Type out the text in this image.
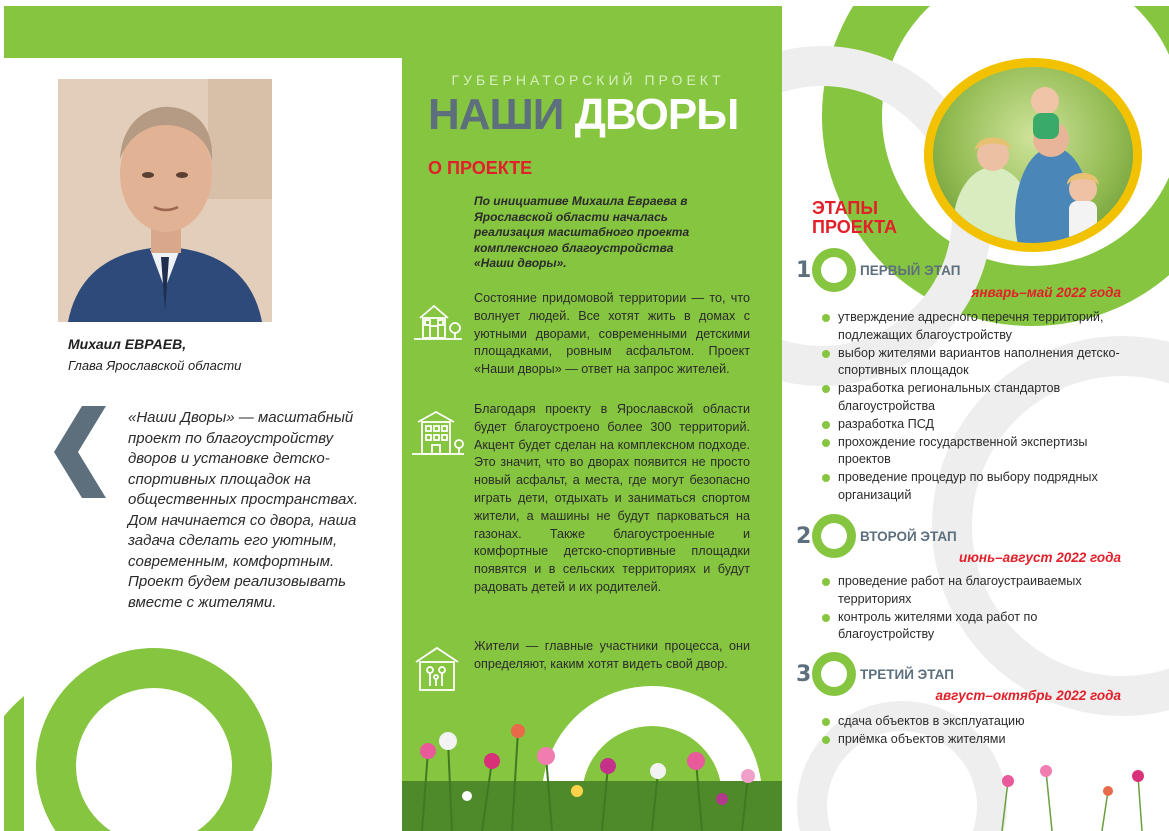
Михаил ЕВРАЕВ,
Глава Ярославской области

«Наши Дворы» — масштабный проект по благоустройству дворов и установке детско-спортивных площадок на общественных пространствах.

Дом начинается со двора, наша задача сделать его уютным, современным, комфортным. Проект будем реализовывать вместе с жителями.

ГУБЕРНАТОРСКИЙ ПРОЕКТ
НАШИ ДВОРЫ
О ПРОЕКТЕ
По инициативе Михаила Евраева в Ярославской области началась реализация масштабного проекта комплексного благоустройства «Наши дворы».
Состояние придомовой территории — то, что волнует людей. Все хотят жить в домах с уютными дворами, современными детскими площадками, ровным асфальтом. Проект «Наши дворы» — ответ на запрос жителей.
Благодаря проекту в Ярославской области будет благоустроено более 300 территорий. Акцент будет сделан на комплексном подходе. Это значит, что во дворах появится не просто новый асфальт, а места, где могут безопасно играть дети, отдыхать и заниматься спортом жители, а машины не будут парковаться на газонах. Также благоустроенные и комфортные детско-спортивные площадки появятся и в сельских территориях и будут радовать детей и их родителей.
Жители — главные участники процесса, они определяют, каким хотят видеть свой двор.
ЭТАПЫ
ПРОЕКТА
1	ПЕРВЫЙ ЭТАП
январь–май 2022 года
утверждение адресного перечня территорий, подлежащих благоустройству
выбор жителями вариантов наполнения детско-спортивных площадок
разработка региональных стандартов благоустройства
разработка ПСД
прохождение государственной экспертизы проектов
проведение процедур по выбору подрядных организаций
2	ВТОРОЙ ЭТАП
июнь–август 2022 года
проведение работ на благоустраиваемых территориях
контроль жителями хода работ по благоустройству
3	ТРЕТИЙ ЭТАП
август–октябрь 2022 года
сдача объектов в эксплуатацию
приёмка объектов жителями
